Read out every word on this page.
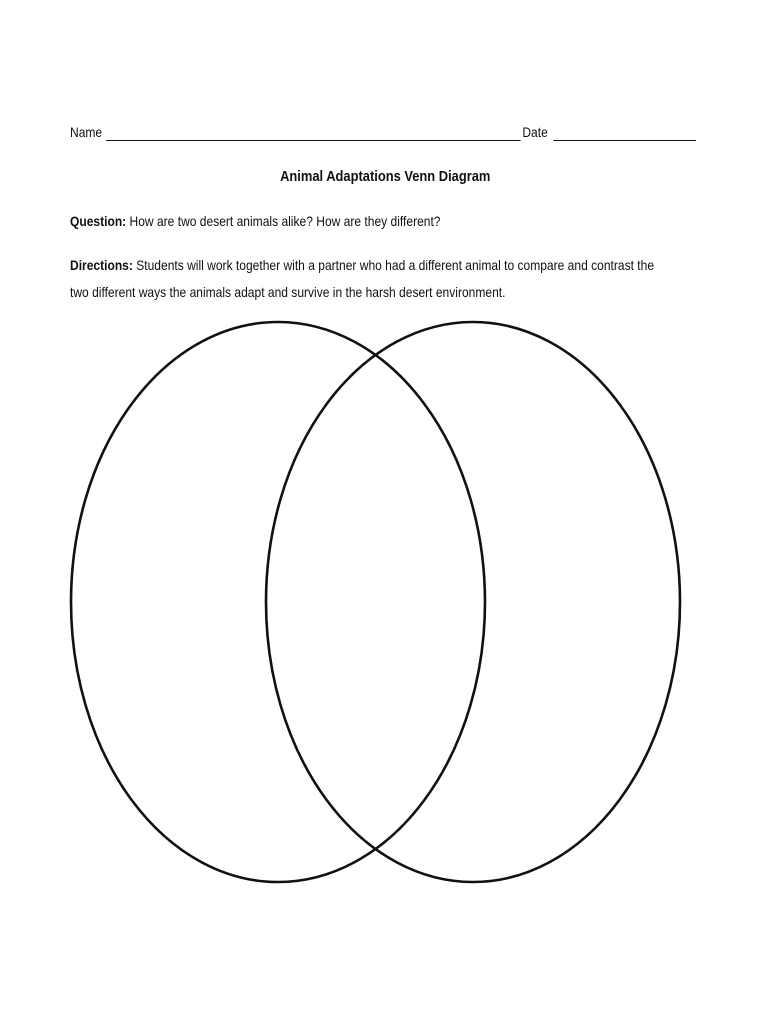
Name	Date
Animal Adaptations Venn Diagram
Question: How are two desert animals alike? How are they different?
Directions: Students will work together with a partner who had a different animal to compare and contrast the two different ways the animals adapt and survive in the harsh desert environment.
